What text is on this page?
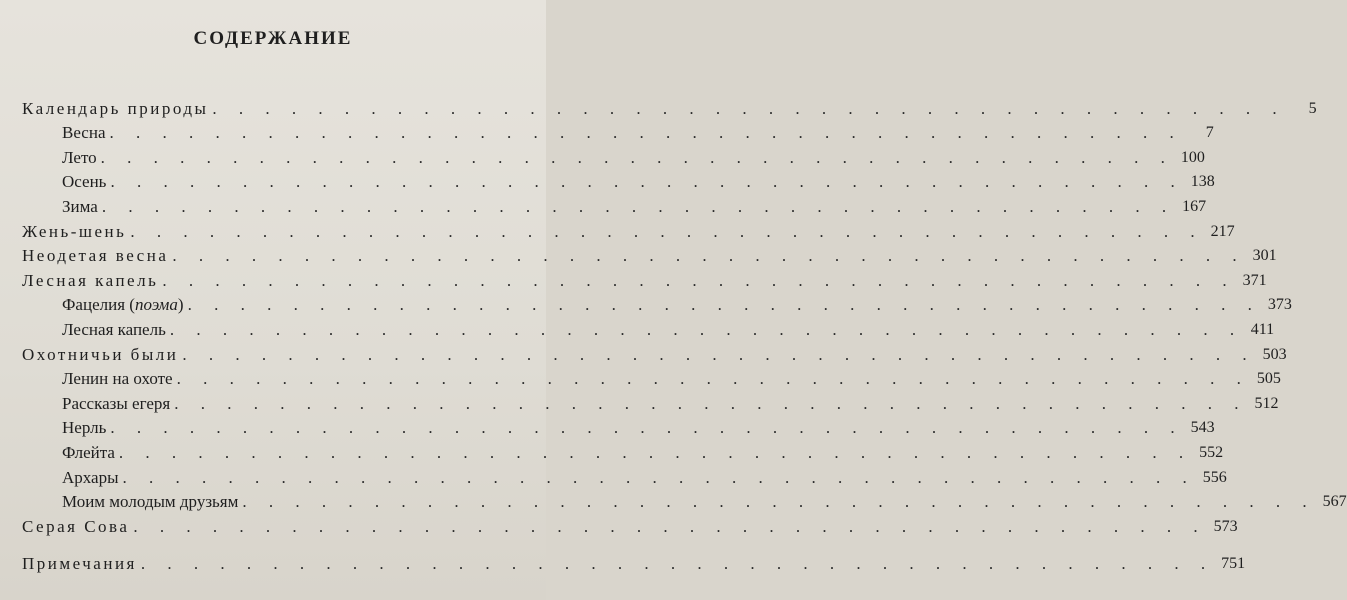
СОДЕРЖАНИЕ
Календарь природы . . . . . . . . . . . . . . . . . . . . . . . . . . . . . . . . . . . . . . . . .	5
Весна . . . . . . . . . . . . . . . . . . . . . . . . . . . . . . . . . . . . . . . . .	7
Лето . . . . . . . . . . . . . . . . . . . . . . . . . . . . . . . . . . . . . . . . . 100
Осень . . . . . . . . . . . . . . . . . . . . . . . . . . . . . . . . . . . . . . . . . 138
Зима . . . . . . . . . . . . . . . . . . . . . . . . . . . . . . . . . . . . . . . . . 167
Жень-шень . . . . . . . . . . . . . . . . . . . . . . . . . . . . . . . . . . . . . . . . . 217
Неодетая весна . . . . . . . . . . . . . . . . . . . . . . . . . . . . . . . . . . . . . . . . . 301
Лесная капель . . . . . . . . . . . . . . . . . . . . . . . . . . . . . . . . . . . . . . . . . 371
Фацелия (поэма) . . . . . . . . . . . . . . . . . . . . . . . . . . . . . . . . . . . . . . . . . 373
Лесная капель . . . . . . . . . . . . . . . . . . . . . . . . . . . . . . . . . . . . . . . . . 411
Охотничьи были . . . . . . . . . . . . . . . . . . . . . . . . . . . . . . . . . . . . . . . . . 503
Ленин на охоте . . . . . . . . . . . . . . . . . . . . . . . . . . . . . . . . . . . . . . . . . 505
Рассказы егеря . . . . . . . . . . . . . . . . . . . . . . . . . . . . . . . . . . . . . . . . . 512
Нерль . . . . . . . . . . . . . . . . . . . . . . . . . . . . . . . . . . . . . . . . . 543
Флейта . . . . . . . . . . . . . . . . . . . . . . . . . . . . . . . . . . . . . . . . . 552
Архары . . . . . . . . . . . . . . . . . . . . . . . . . . . . . . . . . . . . . . . . . 556
Моим молодым друзьям . . . . . . . . . . . . . . . . . . . . . . . . . . . . . . . . . . . . . . . . . 567
Серая Сова . . . . . . . . . . . . . . . . . . . . . . . . . . . . . . . . . . . . . . . . . 573
Примечания . . . . . . . . . . . . . . . . . . . . . . . . . . . . . . . . . . . . . . . . . 751
